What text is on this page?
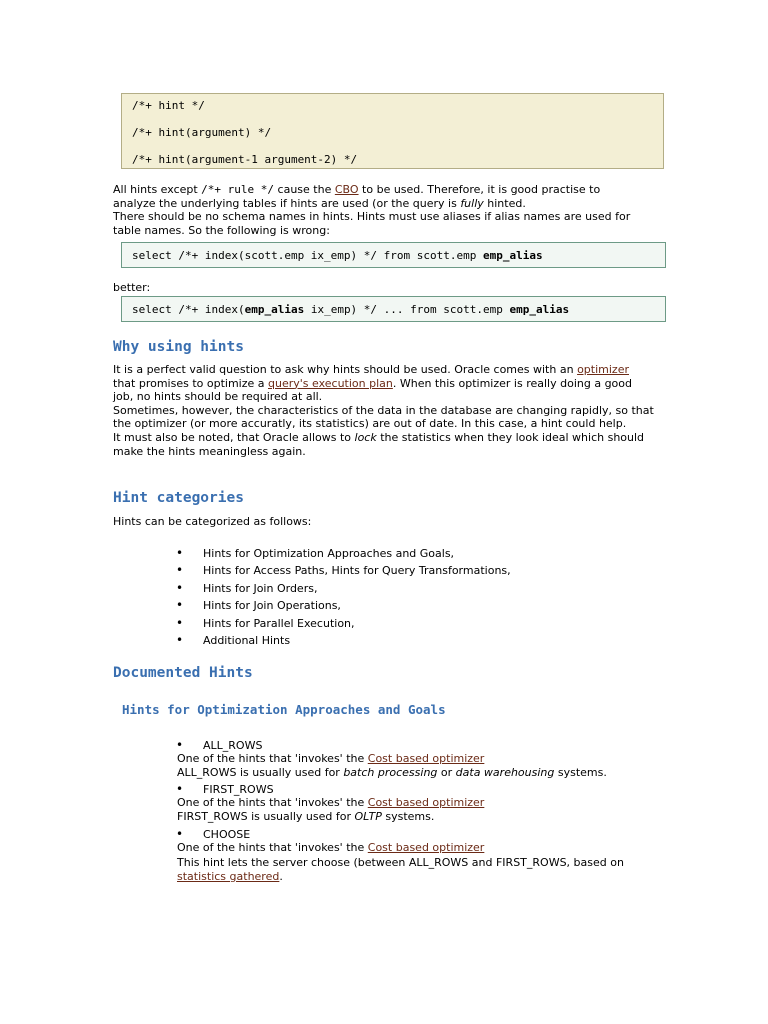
/*+ hint */
/*+ hint(argument) */
/*+ hint(argument-1 argument-2) */

All hints except /*+ rule */ cause the CBO to be used. Therefore, it is good practise to
analyze the underlying tables if hints are used (or the query is fully hinted.
There should be no schema names in hints. Hints must use aliases if alias names are used for table names. So the following is wrong:

select /*+ index(scott.emp ix_emp) */ from scott.emp emp_alias

better:

select /*+ index(emp_alias ix_emp) */ ... from scott.emp emp_alias
Why using hints

It is a perfect valid question to ask why hints should be used. Oracle comes with an optimizer
that promises to optimize a query's execution plan. When this optimizer is really doing a good
job, no hints should be required at all.
Sometimes, however, the characteristics of the data in the database are changing rapidly, so that the optimizer (or more accuratly, its statistics) are out of date. In this case, a hint could help.
It must also be noted, that Oracle allows to lock the statistics when they look ideal which should make the hints meaningless again.

Hint categories

Hints can be categorized as follows:

• Hints for Optimization Approaches and Goals,
• Hints for Access Paths, Hints for Query Transformations,
• Hints for Join Orders,
• Hints for Join Operations,
• Hints for Parallel Execution,
• Additional Hints
Documented Hints
Hints for Optimization Approaches and Goals
• ALL_ROWS
One of the hints that 'invokes' the Cost based optimizer
ALL_ROWS is usually used for batch processing or data warehousing systems.
• FIRST_ROWS
One of the hints that 'invokes' the Cost based optimizer
FIRST_ROWS is usually used for OLTP systems.
• CHOOSE
One of the hints that 'invokes' the Cost based optimizer
This hint lets the server choose (between ALL_ROWS and FIRST_ROWS, based on
statistics gathered.
